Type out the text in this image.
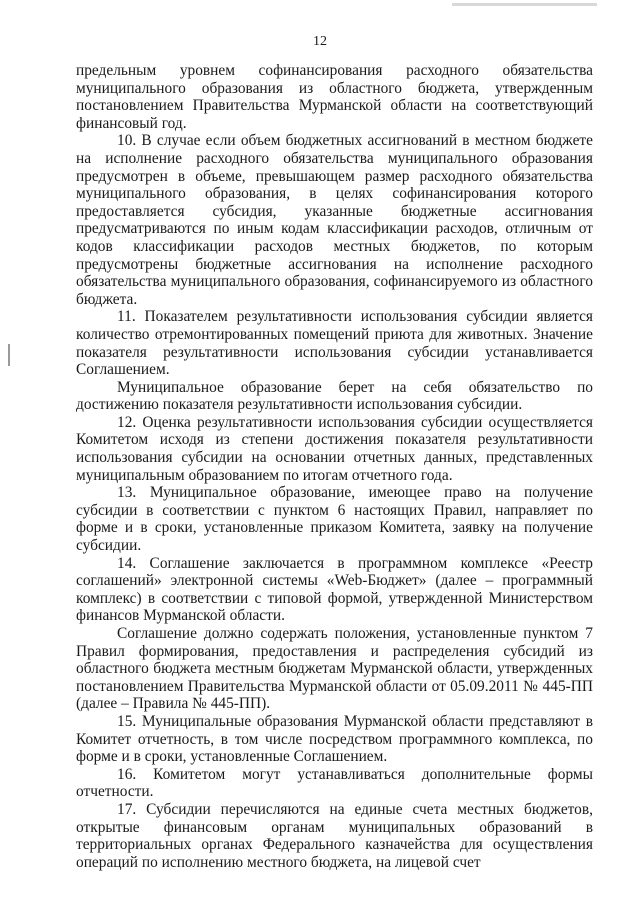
12

предельным уровнем софинансирования расходного обязательства муниципального образования из областного бюджета, утвержденным постановлением Правительства Мурманской области на соответствующий финансовый год.

10. В случае если объем бюджетных ассигнований в местном бюджете на исполнение расходного обязательства муниципального образования предусмотрен в объеме, превышающем размер расходного обязательства муниципального образования, в целях софинансирования которого предоставляется субсидия, указанные бюджетные ассигнования предусматриваются по иным кодам классификации расходов, отличным от кодов классификации расходов местных бюджетов, по которым предусмотрены бюджетные ассигнования на исполнение расходного обязательства муниципального образования, софинансируемого из областного бюджета.

11. Показателем результативности использования субсидии является количество отремонтированных помещений приюта для животных. Значение показателя результативности использования субсидии устанавливается Соглашением.

Муниципальное образование берет на себя обязательство по достижению показателя результативности использования субсидии.

12. Оценка результативности использования субсидии осуществляется Комитетом исходя из степени достижения показателя результативности использования субсидии на основании отчетных данных, представленных муниципальным образованием по итогам отчетного года.

13. Муниципальное образование, имеющее право на получение субсидии в соответствии с пунктом 6 настоящих Правил, направляет по форме и в сроки, установленные приказом Комитета, заявку на получение субсидии.

14. Соглашение заключается в программном комплексе «Реестр соглашений» электронной системы «Web-Бюджет» (далее – программный комплекс) в соответствии с типовой формой, утвержденной Министерством финансов Мурманской области.

Соглашение должно содержать положения, установленные пунктом 7 Правил формирования, предоставления и распределения субсидий из областного бюджета местным бюджетам Мурманской области, утвержденных постановлением Правительства Мурманской области от 05.09.2011 № 445-ПП (далее – Правила № 445-ПП).

15. Муниципальные образования Мурманской области представляют в Комитет отчетность, в том числе посредством программного комплекса, по форме и в сроки, установленные Соглашением.

16. Комитетом могут устанавливаться дополнительные формы отчетности.

17. Субсидии перечисляются на единые счета местных бюджетов, открытые финансовым органам муниципальных образований в территориальных органах Федерального казначейства для осуществления операций по исполнению местного бюджета, на лицевой счет
